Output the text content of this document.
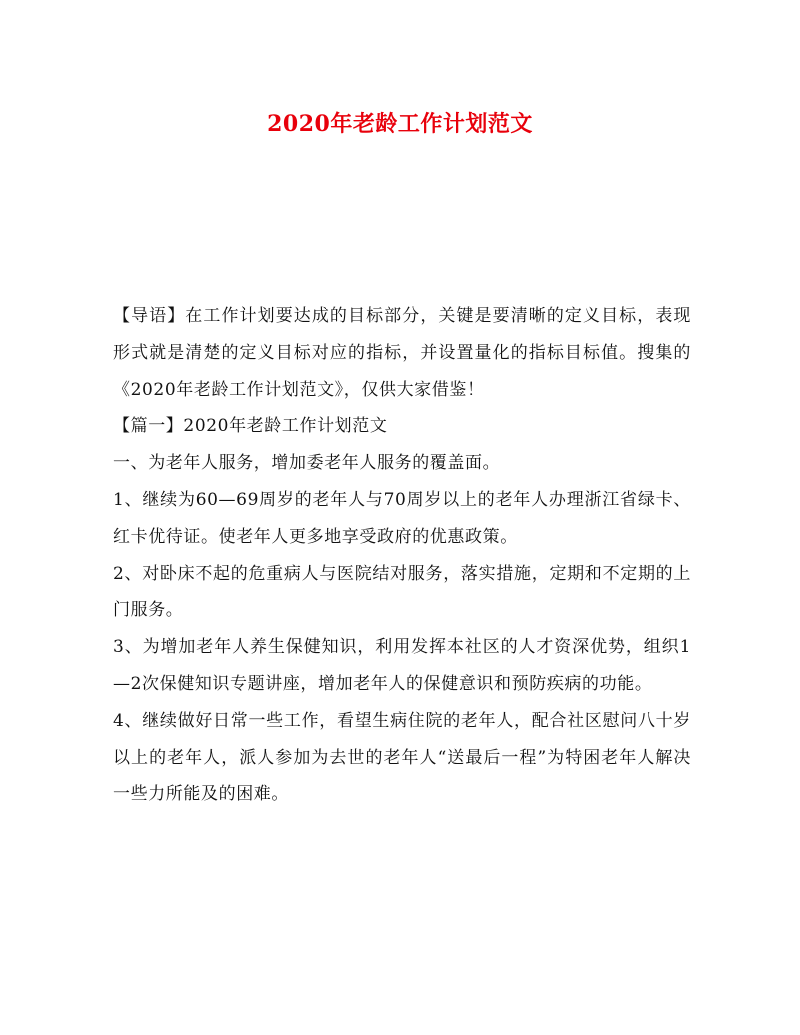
2020年老龄工作计划范文

【导语】在工作计划要达成的目标部分，关键是要清晰的定义目标，表现形式就是清楚的定义目标对应的指标，并设置量化的指标目标值。搜集的《2020年老龄工作计划范文》，仅供大家借鉴！

【篇一】2020年老龄工作计划范文

一、为老年人服务，增加委老年人服务的覆盖面。

1、继续为60—69周岁的老年人与70周岁以上的老年人办理浙江省绿卡、红卡优待证。使老年人更多地享受政府的优惠政策。

2、对卧床不起的危重病人与医院结对服务，落实措施，定期和不定期的上门服务。

3、为增加老年人养生保健知识，利用发挥本社区的人才资深优势，组织1—2次保健知识专题讲座，增加老年人的保健意识和预防疾病的功能。

4、继续做好日常一些工作，看望生病住院的老年人，配合社区慰问八十岁以上的老年人，派人参加为去世的老年人“送最后一程”为特困老年人解决一些力所能及的困难。
